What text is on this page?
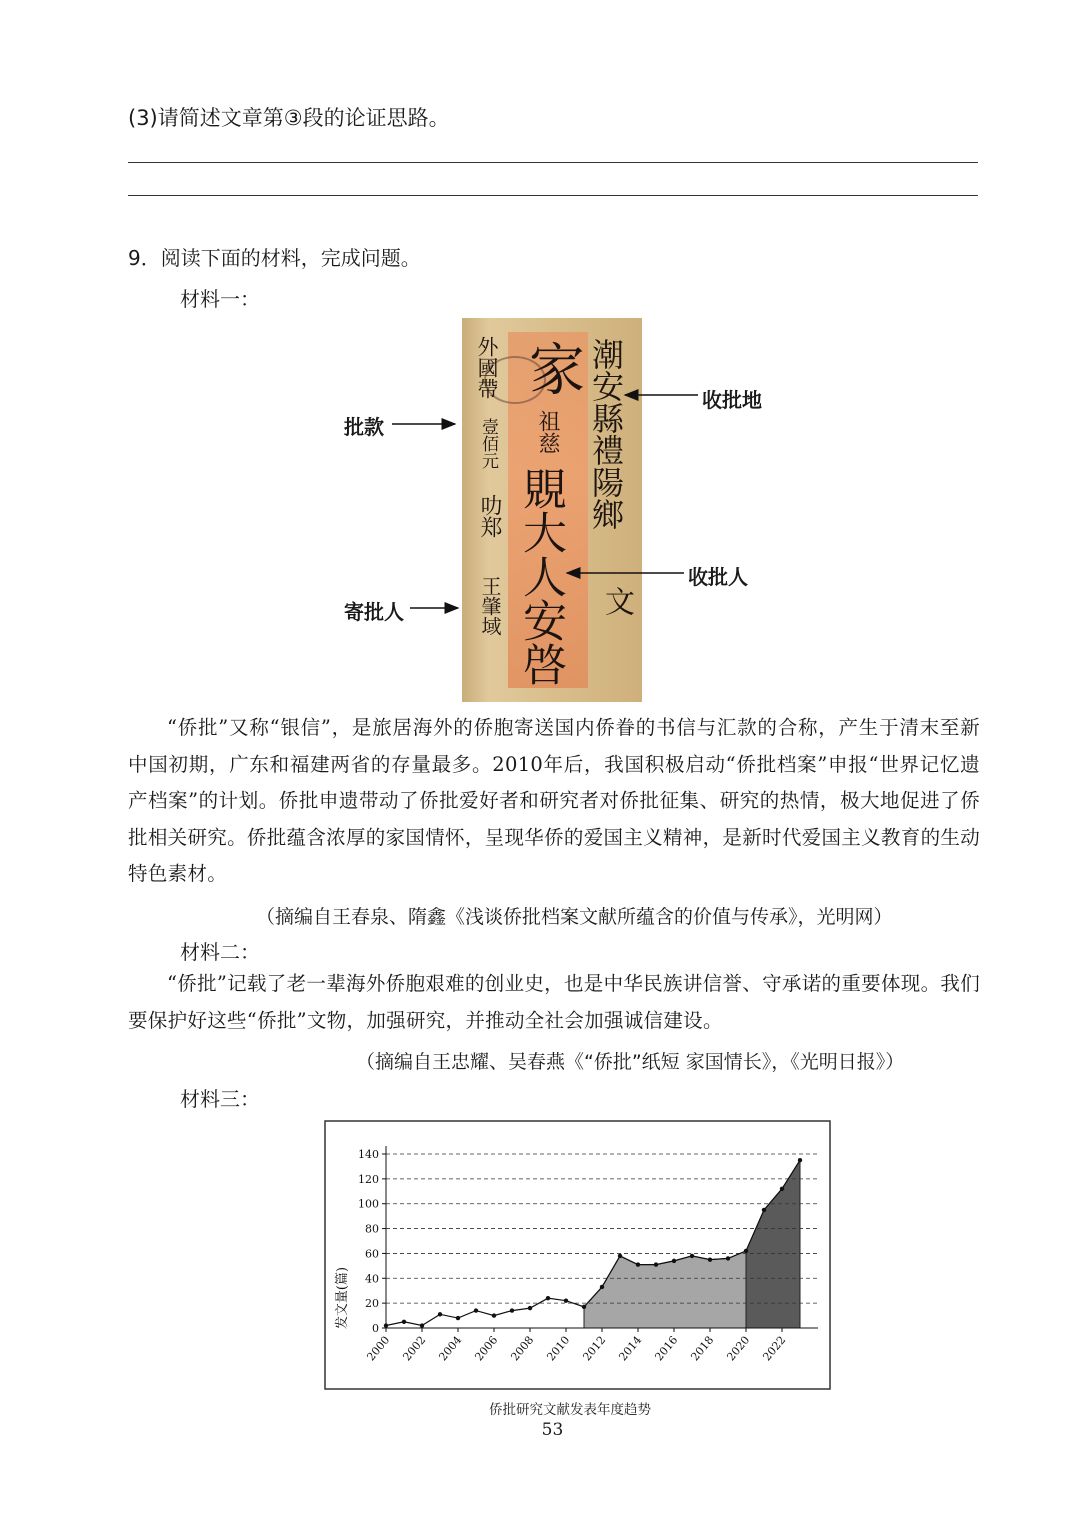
(3)请简述文章第③段的论证思路。
9．阅读下面的材料，完成问题。
材料一：
外國帶
壹佰元
叻郑
王肇域
家
祖慈
覞大人安啓
潮安縣禮陽鄉
文
批款
寄批人
收批地
收批人

“侨批”又称“银信”，是旅居海外的侨胞寄送国内侨眷的书信与汇款的合称，产生于清末至新中国初期，广东和福建两省的存量最多。2010年后，我国积极启动“侨批档案”申报“世界记忆遗产档案”的计划。侨批申遗带动了侨批爱好者和研究者对侨批征集、研究的热情，极大地促进了侨批相关研究。侨批蕴含浓厚的家国情怀，呈现华侨的爱国主义精神，是新时代爱国主义教育的生动特色素材。

（摘编自王春泉、隋鑫《浅谈侨批档案文献所蕴含的价值与传承》，光明网）
材料二：

“侨批”记载了老一辈海外侨胞艰难的创业史，也是中华民族讲信誉、守承诺的重要体现。我们要保护好这些“侨批”文物，加强研究，并推动全社会加强诚信建设。

（摘编自王忠耀、吴春燕《“侨批”纸短 家国情长》，《光明日报》）
材料三：
0
20
40
60
80
100
120
140
2000 2002 2004 2006 2008 2010 2012 2014 2016 2018 2020 2022
发文量(篇)
侨批研究文献发表年度趋势
53
